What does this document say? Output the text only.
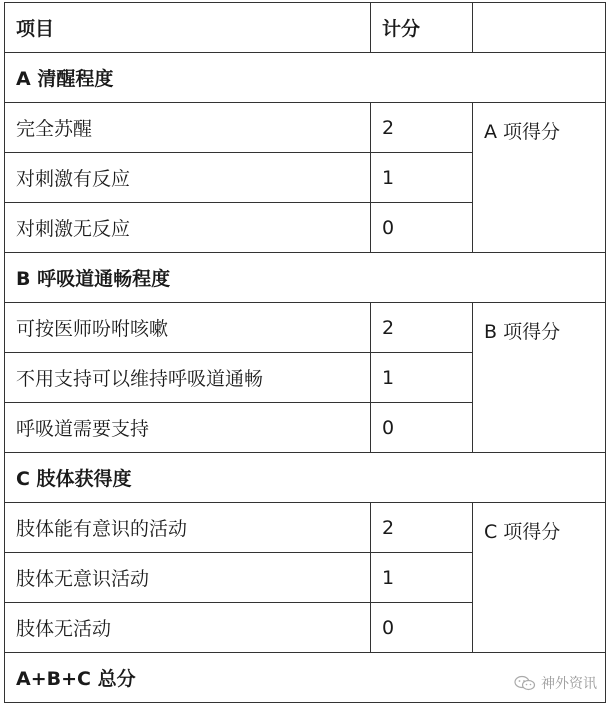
项目	计分	
A 清醒程度		
完全苏醒	2	A 项得分
对刺激有反应	1	
对刺激无反应	0	
B 呼吸道通畅程度		
可按医师吩咐咳嗽	2	B 项得分
不用支持可以维持呼吸道通畅	1	
呼吸道需要支持	0	
C 肢体获得度		
肢体能有意识的活动	2	C 项得分
肢体无意识活动	1	
肢体无活动	0	
A+B+C 总分			神外资讯
